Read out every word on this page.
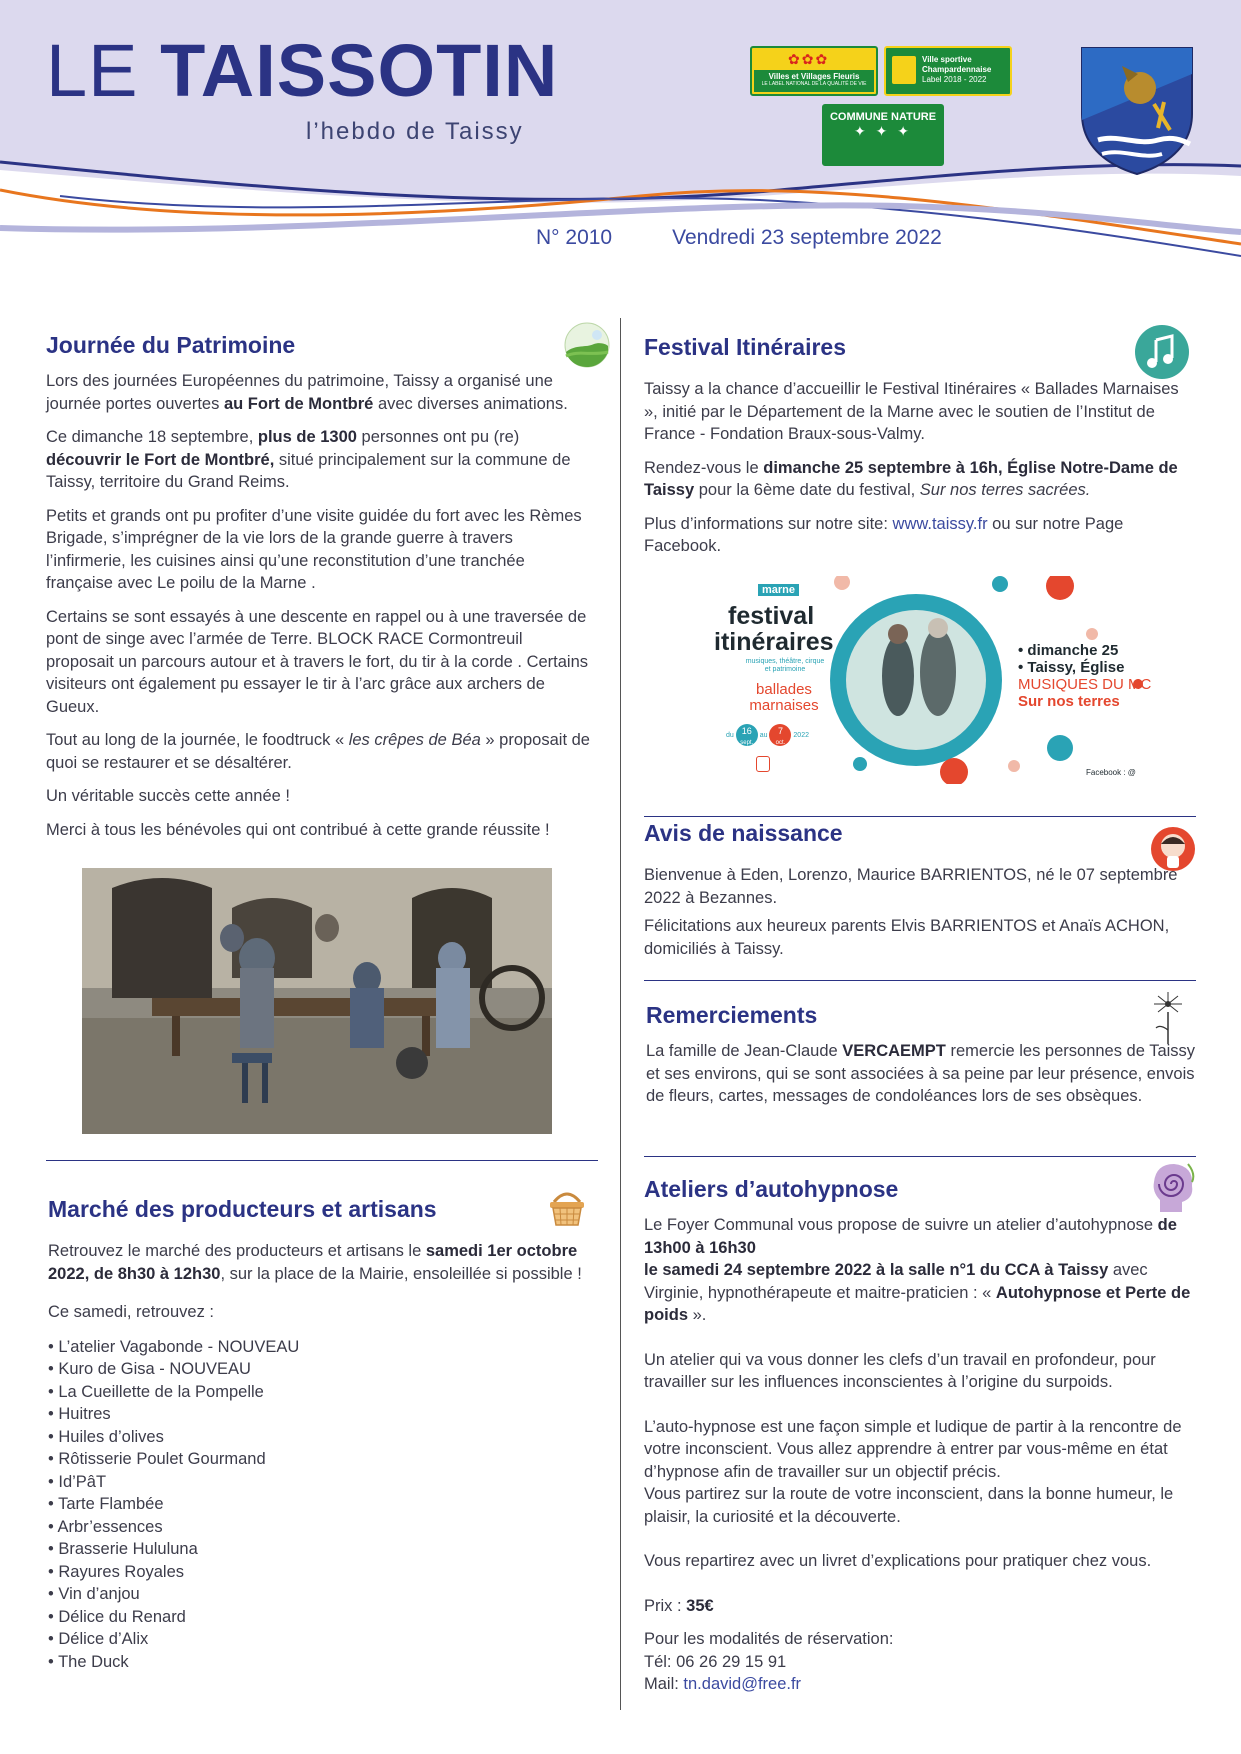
LE TAISSOTIN
l’hebdo de Taissy
N° 2010	Vendredi 23 septembre 2022
✿✿✿
Villes et Villages Fleuris
LE LABEL NATIONAL DE LA QUALITÉ DE VIE
Ville sportive
Champardennaise
Label 2018 - 2022
COMMUNE NATURE
✦ ✦ ✦
Journée du Patrimoine

Lors des journées Européennes du patrimoine, Taissy a organisé une journée portes ouvertes au Fort de Montbré avec diverses animations.

Ce dimanche 18 septembre, plus de 1300 personnes ont pu (re) découvrir le Fort de Montbré, situé principalement sur la commune de Taissy, territoire du Grand Reims.

Petits et grands ont pu profiter d’une visite guidée du fort avec les Rèmes Brigade, s’imprégner de la vie lors de la grande guerre à travers l’infirmerie, les cuisines ainsi qu’une reconstitution d’une tranchée française avec Le poilu de la Marne .

Certains se sont essayés à une descente en rappel ou à une traversée de pont de singe avec l’armée de Terre. BLOCK RACE Cormontreuil proposait un parcours autour et à travers le fort, du tir à la corde . Certains visiteurs ont également pu essayer le tir à l’arc grâce aux archers de Gueux.

Tout au long de la journée, le foodtruck « les crêpes de Béa » proposait de quoi se restaurer et se désaltérer.

Un véritable succès cette année !

Merci à tous les bénévoles qui ont contribué à cette grande réussite !

Marché des producteurs et artisans

Retrouvez le marché des producteurs et artisans le samedi 1er octobre 2022, de 8h30 à 12h30, sur la place de la Mairie, ensoleillée si possible !

Ce samedi, retrouvez :

• L’atelier Vagabonde - NOUVEAU
• Kuro de Gisa - NOUVEAU
• La Cueillette de la Pompelle
• Huitres
• Huiles d’olives
• Rôtisserie Poulet Gourmand
• Id’PâT
• Tarte Flambée
• Arbr’essences
• Brasserie Hululuna
• Rayures Royales
• Vin d’anjou
• Délice du Renard
• Délice d’Alix
• The Duck
Festival Itinéraires

Taissy a la chance d’accueillir le Festival Itinéraires « Ballades Marnaises », initié par le Département de la Marne avec le soutien de l’Institut de France - Fondation Braux-sous-Valmy.

Rendez-vous le dimanche 25 septembre à 16h, Église Notre-Dame de Taissy pour la 6ème date du festival, Sur nos terres sacrées.

Plus d’informations sur notre site: www.taissy.fr ou sur notre Page Facebook.

marne
festival
itinéraires
musiques, théâtre, cirque
et patrimoine
ballades
marnaises
du 16
sept. au 7
oct. 2022
• dimanche 25
• Taissy, Église
MUSIQUES DU MC
Sur nos terres
Facebook : @
Avis de naissance

Bienvenue à Eden, Lorenzo, Maurice BARRIENTOS, né le 07 septembre 2022 à Bezannes.

Félicitations aux heureux parents Elvis BARRIENTOS et Anaïs ACHON, domiciliés à Taissy.

Remerciements

La famille de Jean-Claude VERCAEMPT remercie les personnes de Taissy et ses environs, qui se sont associées à sa peine par leur présence, envois de fleurs, cartes, messages de condoléances lors de ses obsèques.

Ateliers d’autohypnose

Le Foyer Communal vous propose de suivre un atelier d’autohypnose de 13h00 à 16h30
le samedi 24 septembre 2022 à la salle n°1 du CCA à Taissy avec Virginie, hypnothérapeute et maitre-praticien : « Autohypnose et Perte de poids ».

Un atelier qui va vous donner les clefs d’un travail en profondeur, pour travailler sur les influences inconscientes à l’origine du surpoids.

L’auto-hypnose est une façon simple et ludique de partir à la rencontre de votre inconscient. Vous allez apprendre à entrer par vous-même en état d’hypnose afin de travailler sur un objectif précis.

Vous partirez sur la route de votre inconscient, dans la bonne humeur, le plaisir, la curiosité et la découverte.

Vous repartirez avec un livret d’explications pour pratiquer chez vous.

Prix : 35€

Pour les modalités de réservation:

Tél: 06 26 29 15 91

Mail: tn.david@free.fr
